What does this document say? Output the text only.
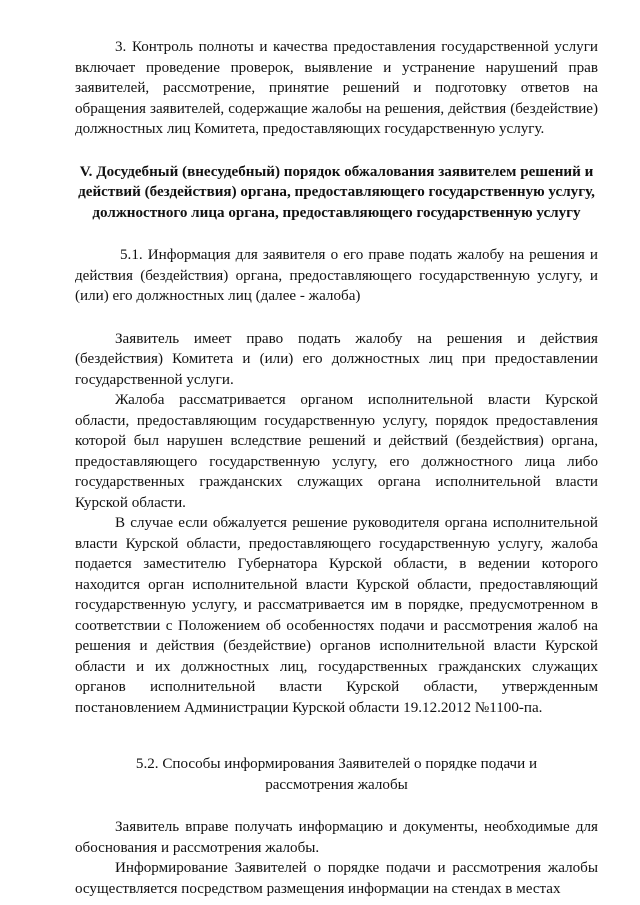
3. Контроль полноты и качества предоставления государственной услуги включает проведение проверок, выявление и устранение нарушений прав заявителей, рассмотрение, принятие решений и подготовку ответов на обращения заявителей, содержащие жалобы на решения, действия (бездействие) должностных лиц Комитета, предоставляющих государственную услугу.

V. Досудебный (внесудебный) порядок обжалования заявителем решений и действий (бездействия) органа, предоставляющего государственную услугу, должностного лица органа, предоставляющего государственную услугу

5.1. Информация для заявителя о его праве подать жалобу на решения и действия (бездействия) органа, предоставляющего государственную услугу, и (или) его должностных лиц (далее - жалоба)

Заявитель имеет право подать жалобу на решения и действия (бездействия) Комитета и (или) его должностных лиц при предоставлении государственной услуги.

Жалоба рассматривается органом исполнительной власти Курской области, предоставляющим государственную услугу, порядок предоставления которой был нарушен вследствие решений и действий (бездействия) органа, предоставляющего государственную услугу, его должностного лица либо государственных гражданских служащих органа исполнительной власти Курской области.

В случае если обжалуется решение руководителя органа исполнительной власти Курской области, предоставляющего государственную услугу, жалоба подается заместителю Губернатора Курской области, в ведении которого находится орган исполнительной власти Курской области, предоставляющий государственную услугу, и рассматривается им в порядке, предусмотренном в соответствии с Положением об особенностях подачи и рассмотрения жалоб на решения и действия (бездействие) органов исполнительной власти Курской области и их должностных лиц, государственных гражданских служащих органов исполнительной власти Курской области, утвержденным постановлением Администрации Курской области 19.12.2012 №1100-па.

5.2. Способы информирования Заявителей о порядке подачи и рассмотрения жалобы

Заявитель вправе получать информацию и документы, необходимые для обоснования и рассмотрения жалобы.

Информирование Заявителей о порядке подачи и рассмотрения жалобы осуществляется посредством размещения информации на стендах в местах
